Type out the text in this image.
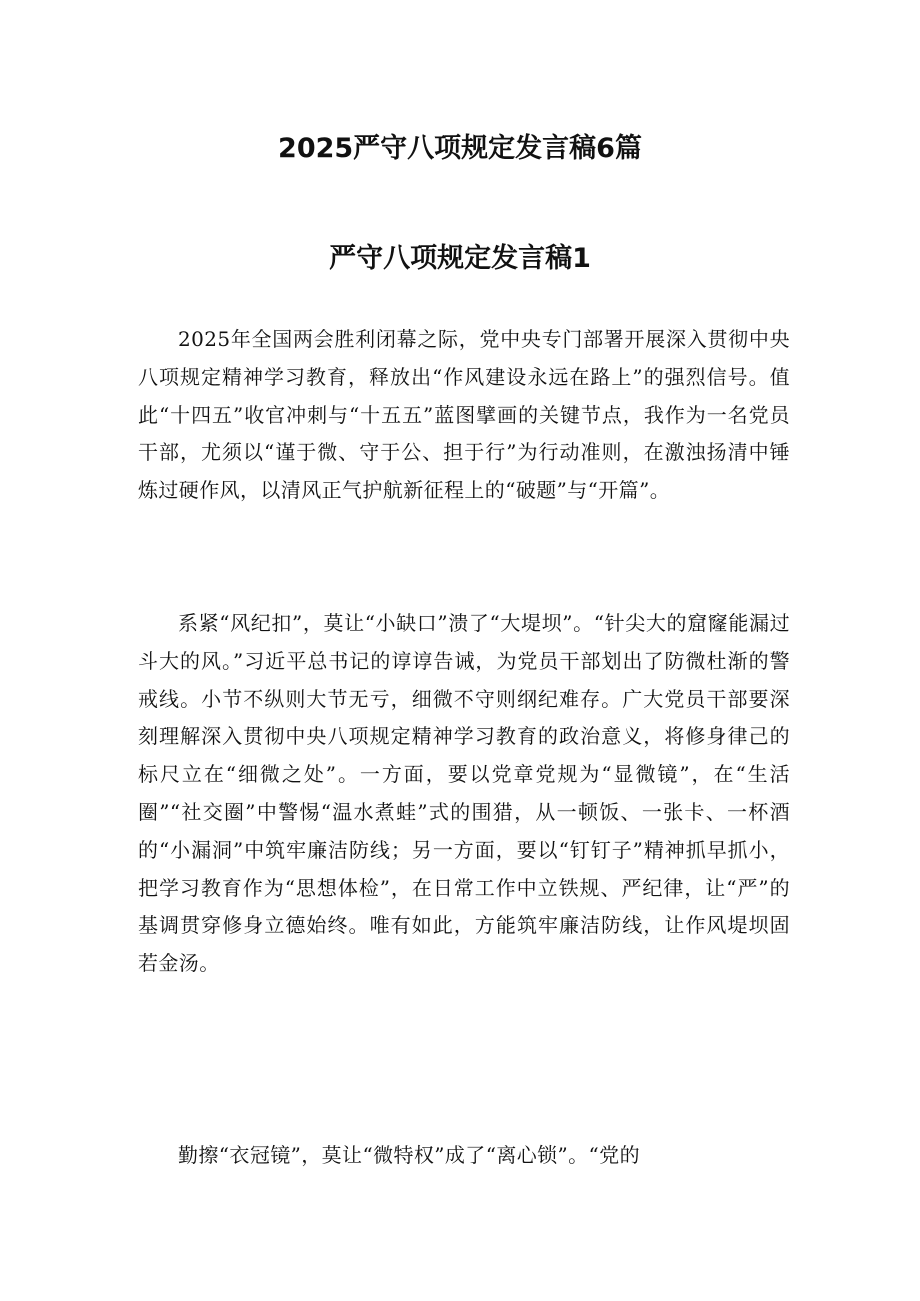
2025严守八项规定发言稿6篇
严守八项规定发言稿1

2025年全国两会胜利闭幕之际，党中央专门部署开展深入贯彻中央八项规定精神学习教育，释放出“作风建设永远在路上”的强烈信号。值此“十四五”收官冲刺与“十五五”蓝图擘画的关键节点，我作为一名党员干部，尤须以“谨于微、守于公、担于行”为行动准则，在激浊扬清中锤炼过硬作风，以清风正气护航新征程上的“破题”与“开篇”。

系紧“风纪扣”，莫让“小缺口”溃了“大堤坝”。“针尖大的窟窿能漏过斗大的风。”习近平总书记的谆谆告诫，为党员干部划出了防微杜渐的警戒线。小节不纵则大节无亏，细微不守则纲纪难存。广大党员干部要深刻理解深入贯彻中央八项规定精神学习教育的政治意义，将修身律己的标尺立在“细微之处”。一方面，要以党章党规为“显微镜”，在“生活圈”“社交圈”中警惕“温水煮蛙”式的围猎，从一顿饭、一张卡、一杯酒的“小漏洞”中筑牢廉洁防线；另一方面，要以“钉钉子”精神抓早抓小，把学习教育作为“思想体检”，在日常工作中立铁规、严纪律，让“严”的基调贯穿修身立德始终。唯有如此，方能筑牢廉洁防线，让作风堤坝固若金汤。

勤擦“衣冠镜”，莫让“微特权”成了“离心锁”。“党的
